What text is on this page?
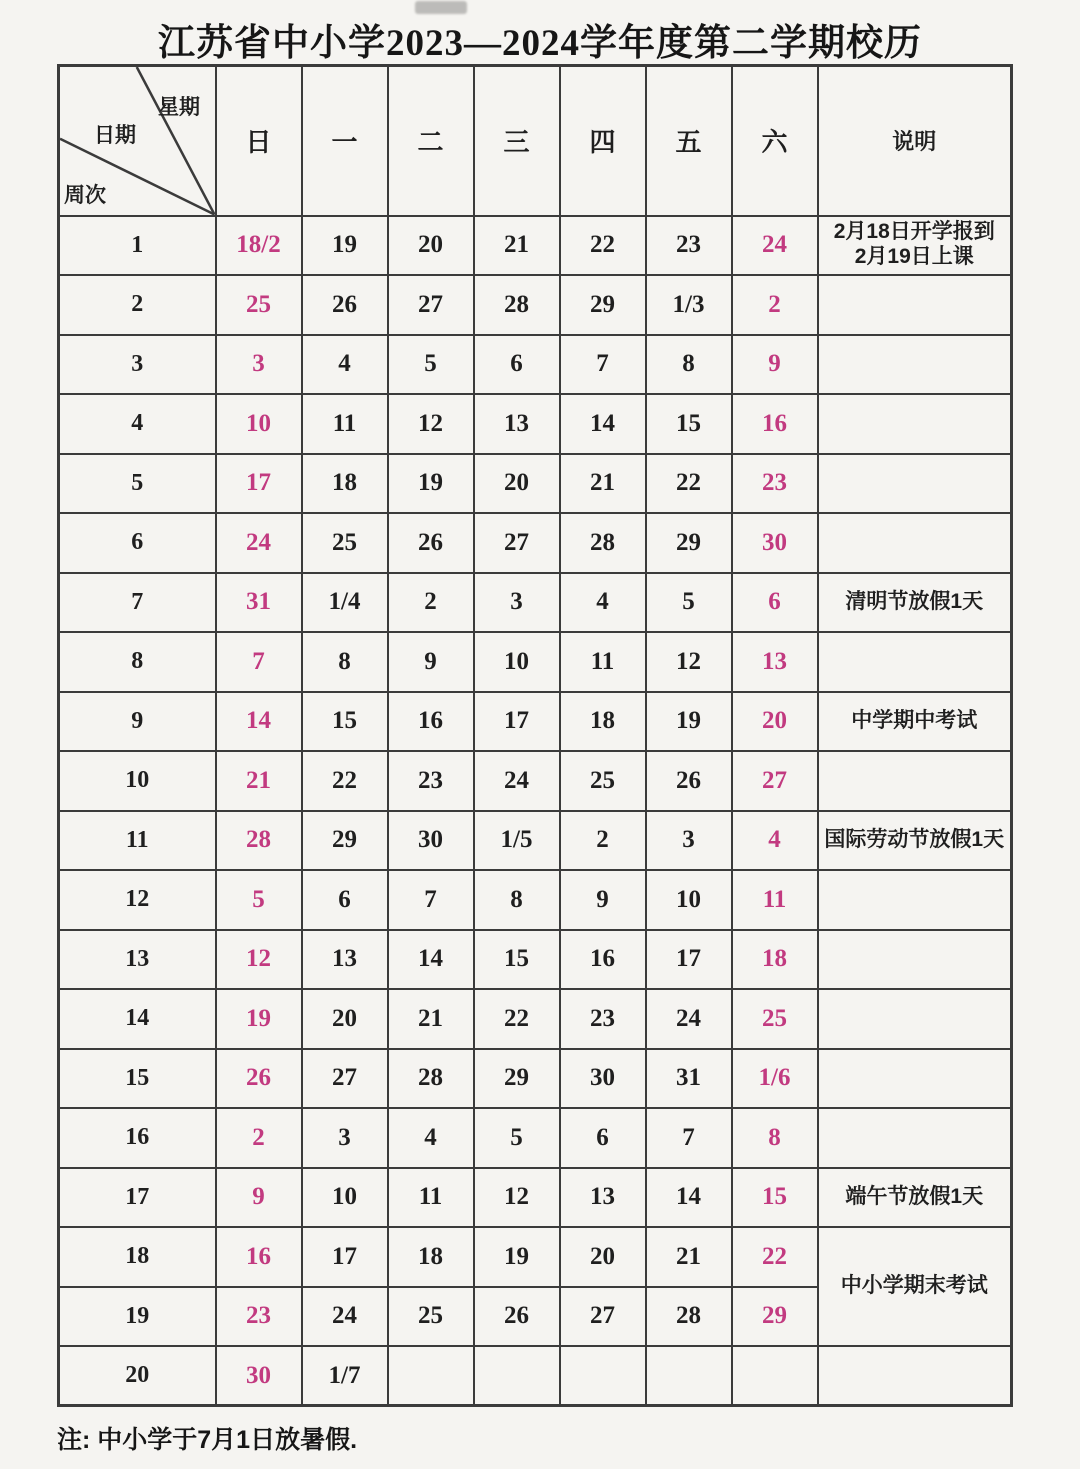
江苏省中小学2023—2024学年度第二学期校历
星期
日期
周次	日	一	二	三	四	五	六	说明
1	18/2	19	20	21	22	23	24	2月18日开学报到
2月19日上课

2	25	26	27	28	29	1/3	2	
3	3	4	5	6	7	8	9	
4	10	11	12	13	14	15	16	
5	17	18	19	20	21	22	23	
6	24	25	26	27	28	29	30	
7	31	1/4	2	3	4	5	6	清明节放假1天

8	7	8	9	10	11	12	13	
9	14	15	16	17	18	19	20	中学期中考试

10	21	22	23	24	25	26	27	
11	28	29	30	1/5	2	3	4	国际劳动节放假1天

12	5	6	7	8	9	10	11	
13	12	13	14	15	16	17	18	
14	19	20	21	22	23	24	25	
15	26	27	28	29	30	31	1/6	
16	2	3	4	5	6	7	8	
17	9	10	11	12	13	14	15	端午节放假1天

18	16	17	18	19	20	21	22	中小学期末考试

19	23	24	25	26	27	28	29	
20	30	1/7						
注: 中小学于7月1日放暑假.
